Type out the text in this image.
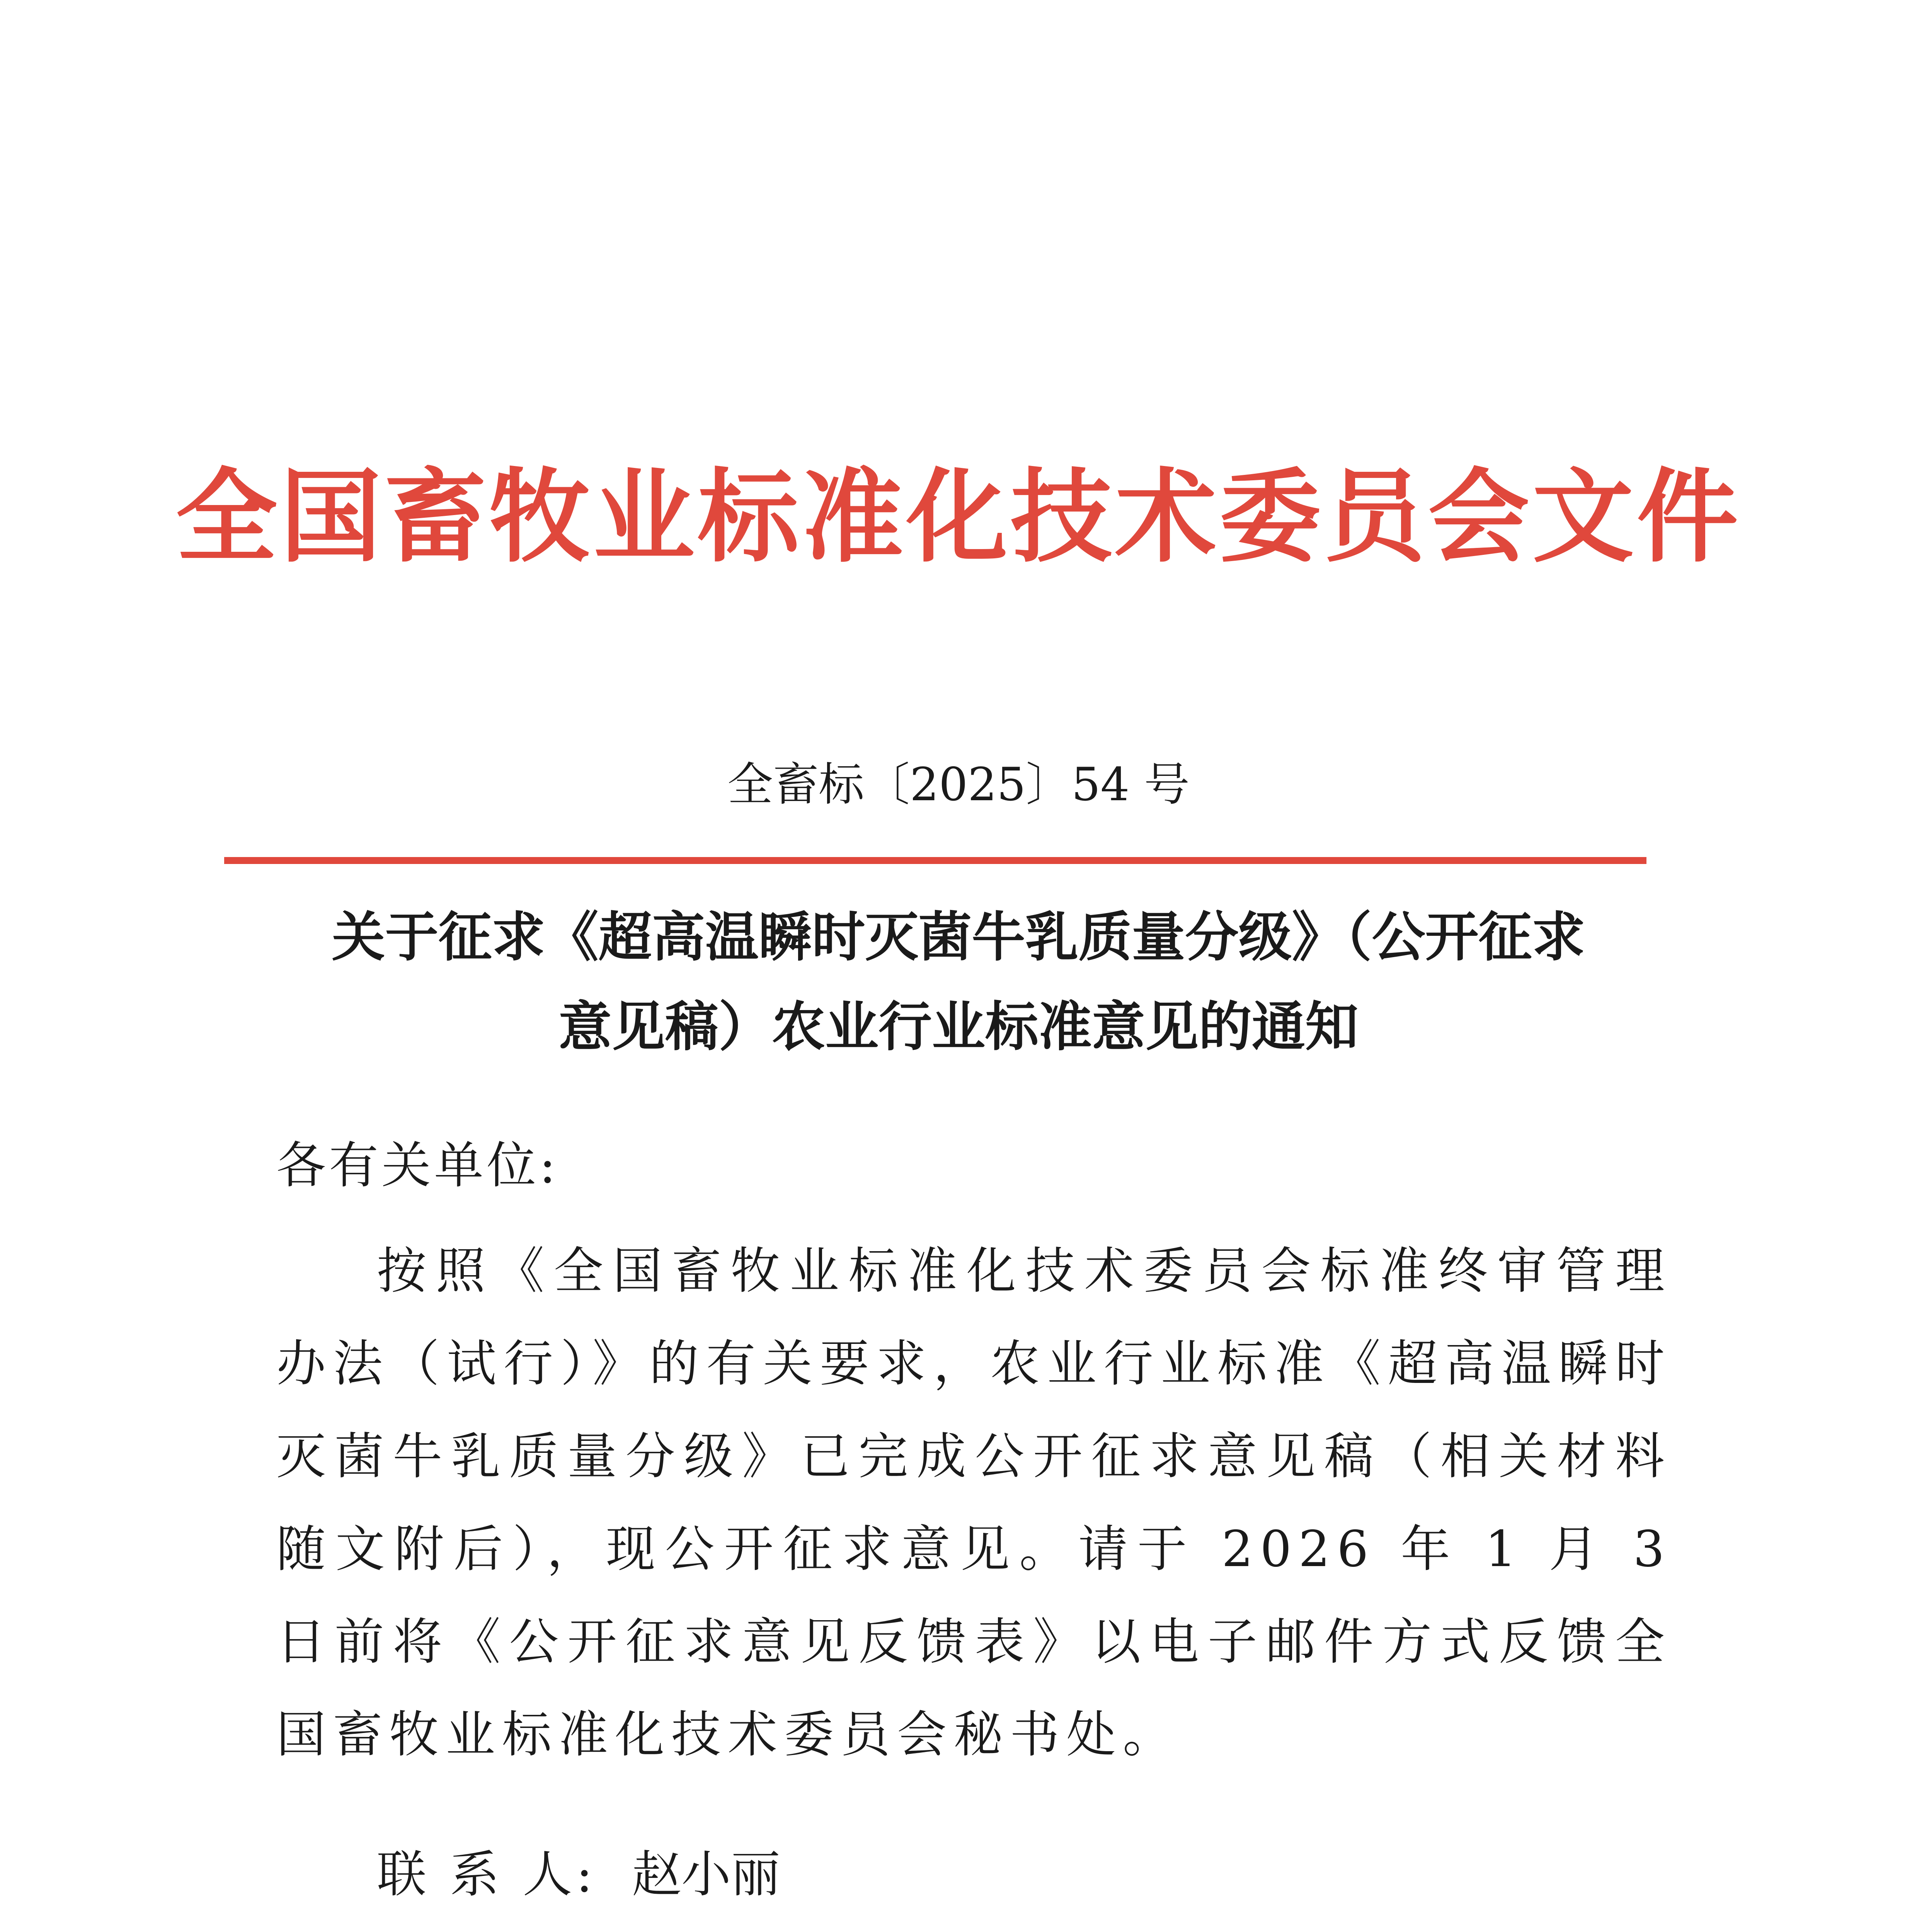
全国畜牧业标准化技术委员会文件
全畜标〔2025〕54 号
关于征求《超高温瞬时灭菌牛乳质量分级》（公开征求
意见稿）农业行业标准意见的通知
各有关单位:
按照《全国畜牧业标准化技术委员会标准终审管理办法（试行）》的有关要求，农业行业标准《超高温瞬时灭菌牛乳质量分级》已完成公开征求意见稿（相关材料随文附后），现公开征求意见。请于 2026 年 1 月 3 日前将《公开征求意见反馈表》以电子邮件方式反馈全国畜牧业标准化技术委员会秘书处。
联 系 人: 赵小丽
